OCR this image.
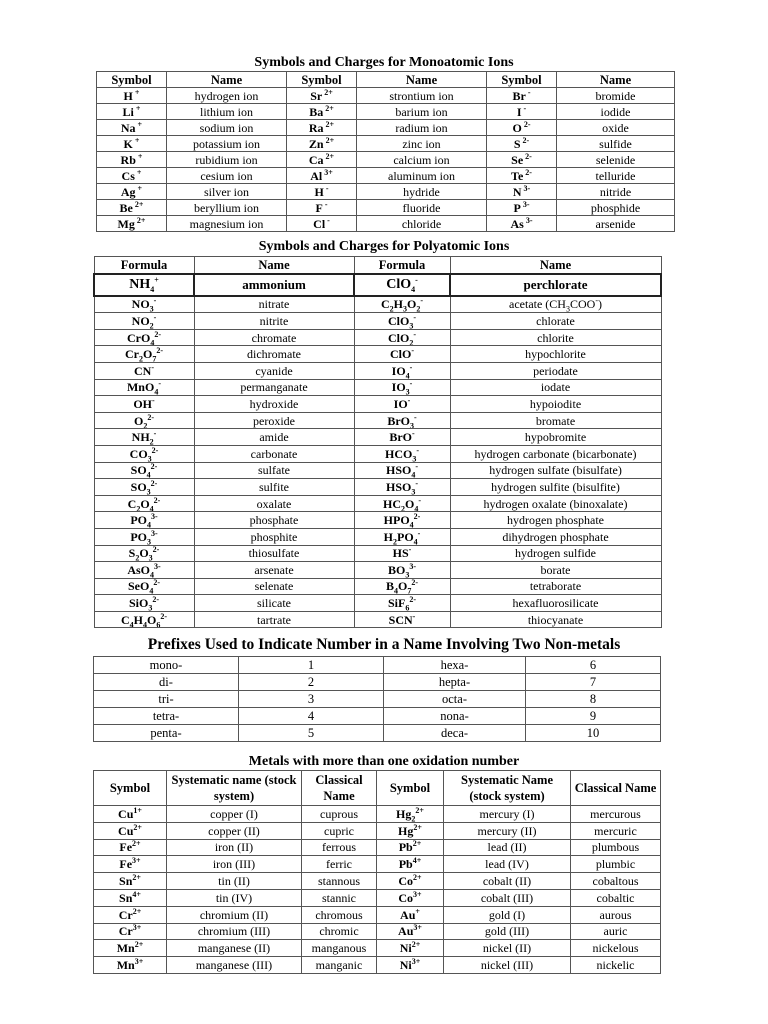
Symbols and Charges for Monoatomic Ions
Symbol	Name	Symbol	Name	Symbol	Name
H +	hydrogen ion	Sr $^{2+}$	strontium ion	Br -	bromide
Li +	lithium ion	Ba $^{2+}$	barium ion	I -	iodide
Na +	sodium ion	Ra $^{2+}$	radium ion	O $^{2-}$	oxide
K +	potassium ion	Zn $^{2+}$	zinc ion	S $^{2-}$	sulfide
Rb +	rubidium ion	Ca $^{2+}$	calcium ion	Se $^{2-}$	selenide
Cs +	cesium ion	Al $^{3+}$	aluminum ion	Te $^{2-}$	telluride
Ag +	silver ion	H -	hydride	N $^{3-}$	nitride
Be $^{2+}$	beryllium ion	F -	fluoride	P $^{3-}$	phosphide
Mg $^{2+}$	magnesium ion	Cl -	chloride	As $^{3-}$	arsenide
Symbols and Charges for Polyatomic Ions
Formula	Name	Formula	Name
$NH_4^+$	ammonium	ClO$_4$-	perchlorate
$NO_3^-$	nitrate	$C_2H_3O_2^-$	acetate $(CH_3COO^-)$
$NO_2^-$	nitrite	ClO$_3$-	chlorate
CrO$_4^{2-}$	chromate	ClO$_2$-	chlorite
$Cr_2O_7^{2-}$	dichromate	ClO-	hypochlorite
CN-	cyanide	$IO_4^-$	periodate
MnO$_4$-	permanganate	$IO_3^-$	iodate
OH-	hydroxide	IO-	hypoiodite
$O_2^{2-}$	peroxide	BrO$_3$-	bromate
$NH_2^-$	amide	BrO-	hypobromite
$CO_3^{2-}$	carbonate	$HCO_3^-$	hydrogen carbonate (bicarbonate)
$SO_4^{2-}$	sulfate	$HSO_4^-$	hydrogen sulfate (bisulfate)
$SO_3^{2-}$	sulfite	$HSO_3^-$	hydrogen sulfite (bisulfite)
$C_2O_4^{2-}$	oxalate	$HC_2O_4^-$	hydrogen oxalate (binoxalate)
$PO_4^{3-}$	phosphate	$HPO_4^{2-}$	hydrogen phosphate
$PO_3^{3-}$	phosphite	$H_2PO_4^-$	dihydrogen phosphate
$S_2O_3^{2-}$	thiosulfate	HS-	hydrogen sulfide
AsO$_4^{3-}$	arsenate	$BO_3^{3-}$	borate
SeO$_4^{2-}$	selenate	$B_4O_7^{2-}$	tetraborate
SiO$_3^{2-}$	silicate	SiF$_6^{2-}$	hexafluorosilicate
$C_4H_4O_6^{2-}$	tartrate	SCN-	thiocyanate
Prefixes Used to Indicate Number in a Name Involving Two Non-metals
mono-	1	hexa-	6
di-	2	hepta-	7
tri-	3	octa-	8
tetra-	4	nona-	9
penta-	5	deca-	10
Metals with more than one oxidation number
Symbol	Systematic name (stock system)	Classical Name	Symbol	Systematic Name (stock system)	Classical Name
$Cu^{1+}$	copper (I)	cuprous	$Hg_2^{2+}$	mercury (I)	mercurous
$Cu^{2+}$	copper (II)	cupric	$Hg^{2+}$	mercury (II)	mercuric
$Fe^{2+}$	iron (II)	ferrous	$Pb^{2+}$	lead (II)	plumbous
$Fe^{3+}$	iron (III)	ferric	$Pb^{4+}$	lead (IV)	plumbic
$Sn^{2+}$	tin (II)	stannous	$Co^{2+}$	cobalt (II)	cobaltous
$Sn^{4+}$	tin (IV)	stannic	$Co^{3+}$	cobalt (III)	cobaltic
$Cr^{2+}$	chromium (II)	chromous	Au+	gold (I)	aurous
$Cr^{3+}$	chromium (III)	chromic	$Au^{3+}$	gold (III)	auric
$Mn^{2+}$	manganese (II)	manganous	$Ni^{2+}$	nickel (II)	nickelous
$Mn^{3+}$	manganese (III)	manganic	$Ni^{3+}$	nickel (III)	nickelic
